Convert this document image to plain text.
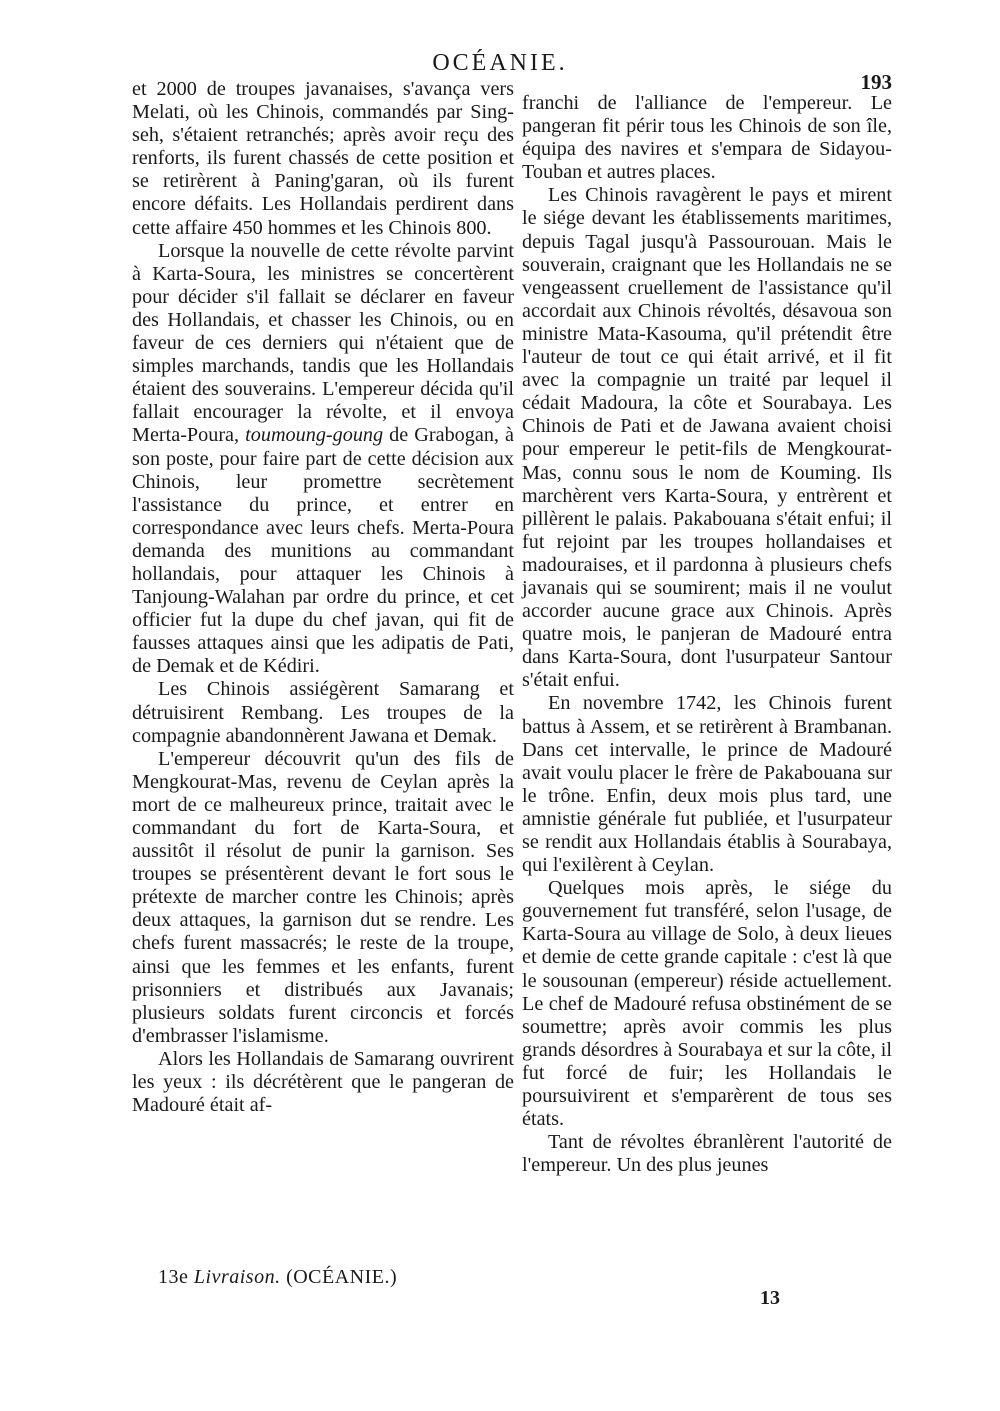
OCÉANIE.
193

et 2000 de troupes javanaises, s'avança vers Melati, où les Chinois, commandés par Sing-seh, s'étaient retranchés; après avoir reçu des renforts, ils furent chassés de cette position et se retirèrent à Paning'garan, où ils furent encore défaits. Les Hollandais perdirent dans cette affaire 450 hommes et les Chinois 800.

Lorsque la nouvelle de cette révolte parvint à Karta-Soura, les ministres se concertèrent pour décider s'il fallait se déclarer en faveur des Hollandais, et chasser les Chinois, ou en faveur de ces derniers qui n'étaient que de simples marchands, tandis que les Hollandais étaient des souverains. L'empereur décida qu'il fallait encourager la révolte, et il envoya Merta-Poura, toumoung-goung de Grabogan, à son poste, pour faire part de cette décision aux Chinois, leur promettre secrètement l'assistance du prince, et entrer en correspondance avec leurs chefs. Merta-Poura demanda des munitions au commandant hollandais, pour attaquer les Chinois à Tanjoung-Walahan par ordre du prince, et cet officier fut la dupe du chef javan, qui fit de fausses attaques ainsi que les adipatis de Pati, de Demak et de Kédiri.

Les Chinois assiégèrent Samarang et détruisirent Rembang. Les troupes de la compagnie abandonnèrent Jawana et Demak.

L'empereur découvrit qu'un des fils de Mengkourat-Mas, revenu de Ceylan après la mort de ce malheureux prince, traitait avec le commandant du fort de Karta-Soura, et aussitôt il résolut de punir la garnison. Ses troupes se présentèrent devant le fort sous le prétexte de marcher contre les Chinois; après deux attaques, la garnison dut se rendre. Les chefs furent massacrés; le reste de la troupe, ainsi que les femmes et les enfants, furent prisonniers et distribués aux Javanais; plusieurs soldats furent circoncis et forcés d'embrasser l'islamisme.

Alors les Hollandais de Samarang ouvrirent les yeux : ils décrétèrent que le pangeran de Madouré était af-

franchi de l'alliance de l'empereur. Le pangeran fit périr tous les Chinois de son île, équipa des navires et s'empara de Sidayou-Touban et autres places.

Les Chinois ravagèrent le pays et mirent le siége devant les établissements maritimes, depuis Tagal jusqu'à Passourouan. Mais le souverain, craignant que les Hollandais ne se vengeassent cruellement de l'assistance qu'il accordait aux Chinois révoltés, désavoua son ministre Mata-Kasouma, qu'il prétendit être l'auteur de tout ce qui était arrivé, et il fit avec la compagnie un traité par lequel il cédait Madoura, la côte et Sourabaya. Les Chinois de Pati et de Jawana avaient choisi pour empereur le petit-fils de Mengkourat-Mas, connu sous le nom de Kouming. Ils marchèrent vers Karta-Soura, y entrèrent et pillèrent le palais. Pakabouana s'était enfui; il fut rejoint par les troupes hollandaises et madouraises, et il pardonna à plusieurs chefs javanais qui se soumirent; mais il ne voulut accorder aucune grace aux Chinois. Après quatre mois, le panjeran de Madouré entra dans Karta-Soura, dont l'usurpateur Santour s'était enfui.

En novembre 1742, les Chinois furent battus à Assem, et se retirèrent à Brambanan. Dans cet intervalle, le prince de Madouré avait voulu placer le frère de Pakabouana sur le trône. Enfin, deux mois plus tard, une amnistie générale fut publiée, et l'usurpateur se rendit aux Hollandais établis à Sourabaya, qui l'exilèrent à Ceylan.

Quelques mois après, le siége du gouvernement fut transféré, selon l'usage, de Karta-Soura au village de Solo, à deux lieues et demie de cette grande capitale : c'est là que le sousounan (empereur) réside actuellement. Le chef de Madouré refusa obstinément de se soumettre; après avoir commis les plus grands désordres à Sourabaya et sur la côte, il fut forcé de fuir; les Hollandais le poursuivirent et s'emparèrent de tous ses états.

Tant de révoltes ébranlèrent l'autorité de l'empereur. Un des plus jeunes

13e Livraison. (OCÉANIE.)
13
